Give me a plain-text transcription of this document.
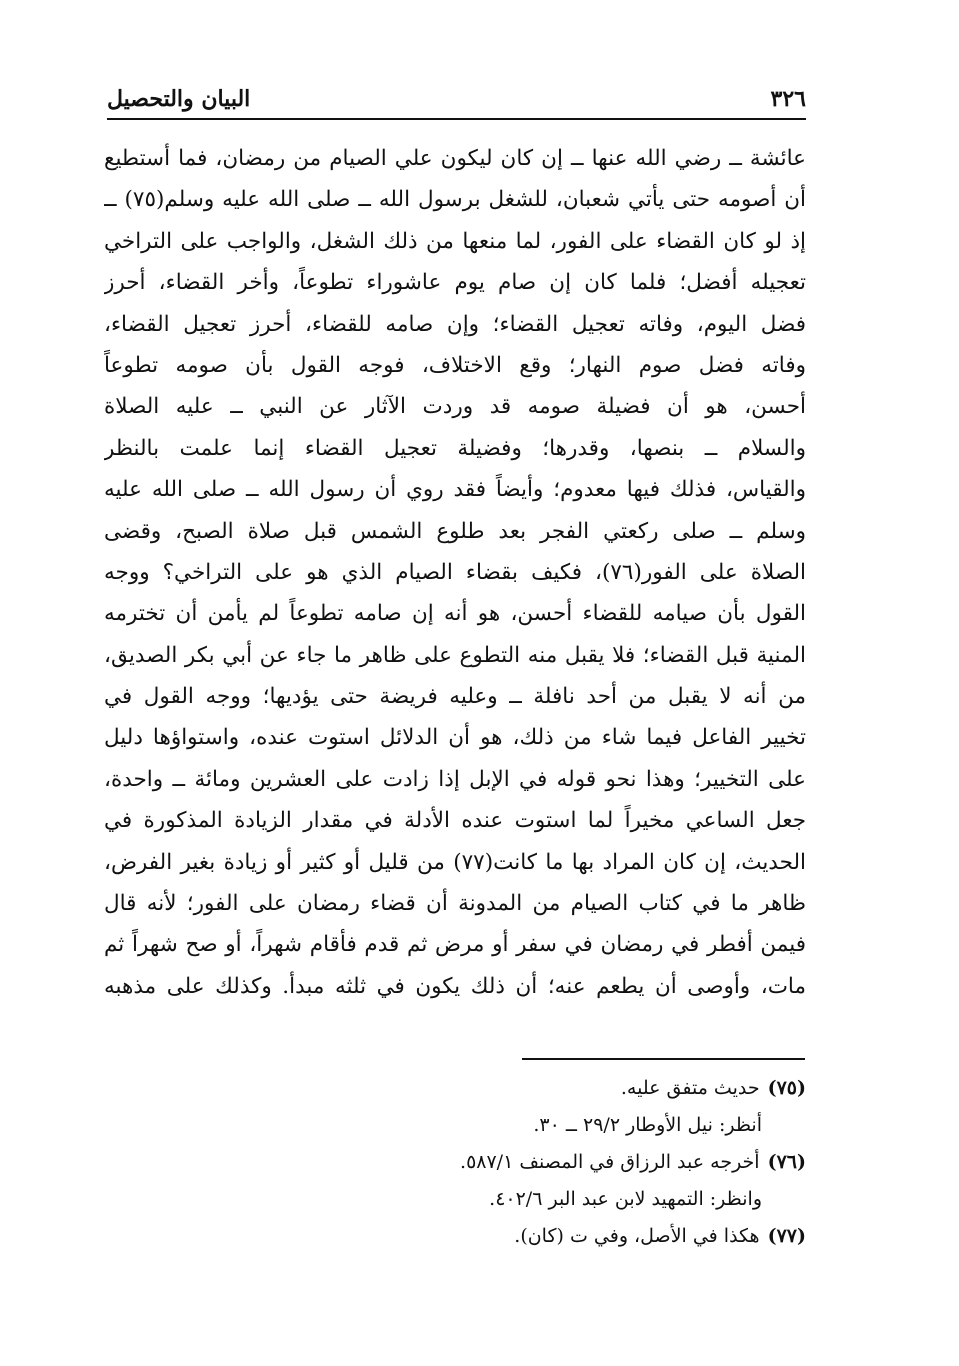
٣٢٦
البيان والتحصيل
عائشة ــ رضي الله عنها ــ إن كان ليكون علي الصيام من رمضان، فما أستطيع
أن أصومه حتى يأتي شعبان، للشغل برسول الله ــ صلى الله عليه وسلم(٧٥) ــ
إذ لو كان القضاء على الفور، لما منعها من ذلك الشغل، والواجب على التراخي
تعجيله أفضل؛ فلما كان إن صام يوم عاشوراء تطوعاً، وأخر القضاء، أحرز
فضل اليوم، وفاته تعجيل القضاء؛ وإن صامه للقضاء، أحرز تعجيل القضاء،
وفاته فضل صوم النهار؛ وقع الاختلاف، فوجه القول بأن صومه تطوعاً
أحسن، هو أن فضيلة صومه قد وردت الآثار عن النبي ــ عليه الصلاة
والسلام ــ بنصها، وقدرها؛ وفضيلة تعجيل القضاء إنما علمت بالنظر
والقياس، فذلك فيها معدوم؛ وأيضاً فقد روي أن رسول الله ــ صلى الله عليه
وسلم ــ صلى ركعتي الفجر بعد طلوع الشمس قبل صلاة الصبح، وقضى
الصلاة على الفور(٧٦)، فكيف بقضاء الصيام الذي هو على التراخي؟ ووجه
القول بأن صيامه للقضاء أحسن، هو أنه إن صامه تطوعاً لم يأمن أن تخترمه
المنية قبل القضاء؛ فلا يقبل منه التطوع على ظاهر ما جاء عن أبي بكر الصديق،
من أنه لا يقبل من أحد نافلة ــ وعليه فريضة حتى يؤديها؛ ووجه القول في
تخيير الفاعل فيما شاء من ذلك، هو أن الدلائل استوت عنده، واستواؤها دليل
على التخيير؛ وهذا نحو قوله في الإبل إذا زادت على العشرين ومائة ــ واحدة،
جعل الساعي مخيراً لما استوت عنده الأدلة في مقدار الزيادة المذكورة في
الحديث، إن كان المراد بها ما كانت(٧٧) من قليل أو كثير أو زيادة بغير الفرض،
ظاهر ما في كتاب الصيام من المدونة أن قضاء رمضان على الفور؛ لأنه قال
فيمن أفطر في رمضان في سفر أو مرض ثم قدم فأقام شهراً، أو صح شهراً ثم
مات، وأوصى أن يطعم عنه؛ أن ذلك يكون في ثلثه مبدأ. وكذلك على مذهبه
(٧٥)حديث متفق عليه.
أنظر: نيل الأوطار ٢٩/٢ ــ ٣٠.
(٧٦)أخرجه عبد الرزاق في المصنف ٥٨٧/١.
وانظر: التمهيد لابن عبد البر ٤٠٢/٦.
(٧٧)هكذا في الأصل، وفي ت (كان).
